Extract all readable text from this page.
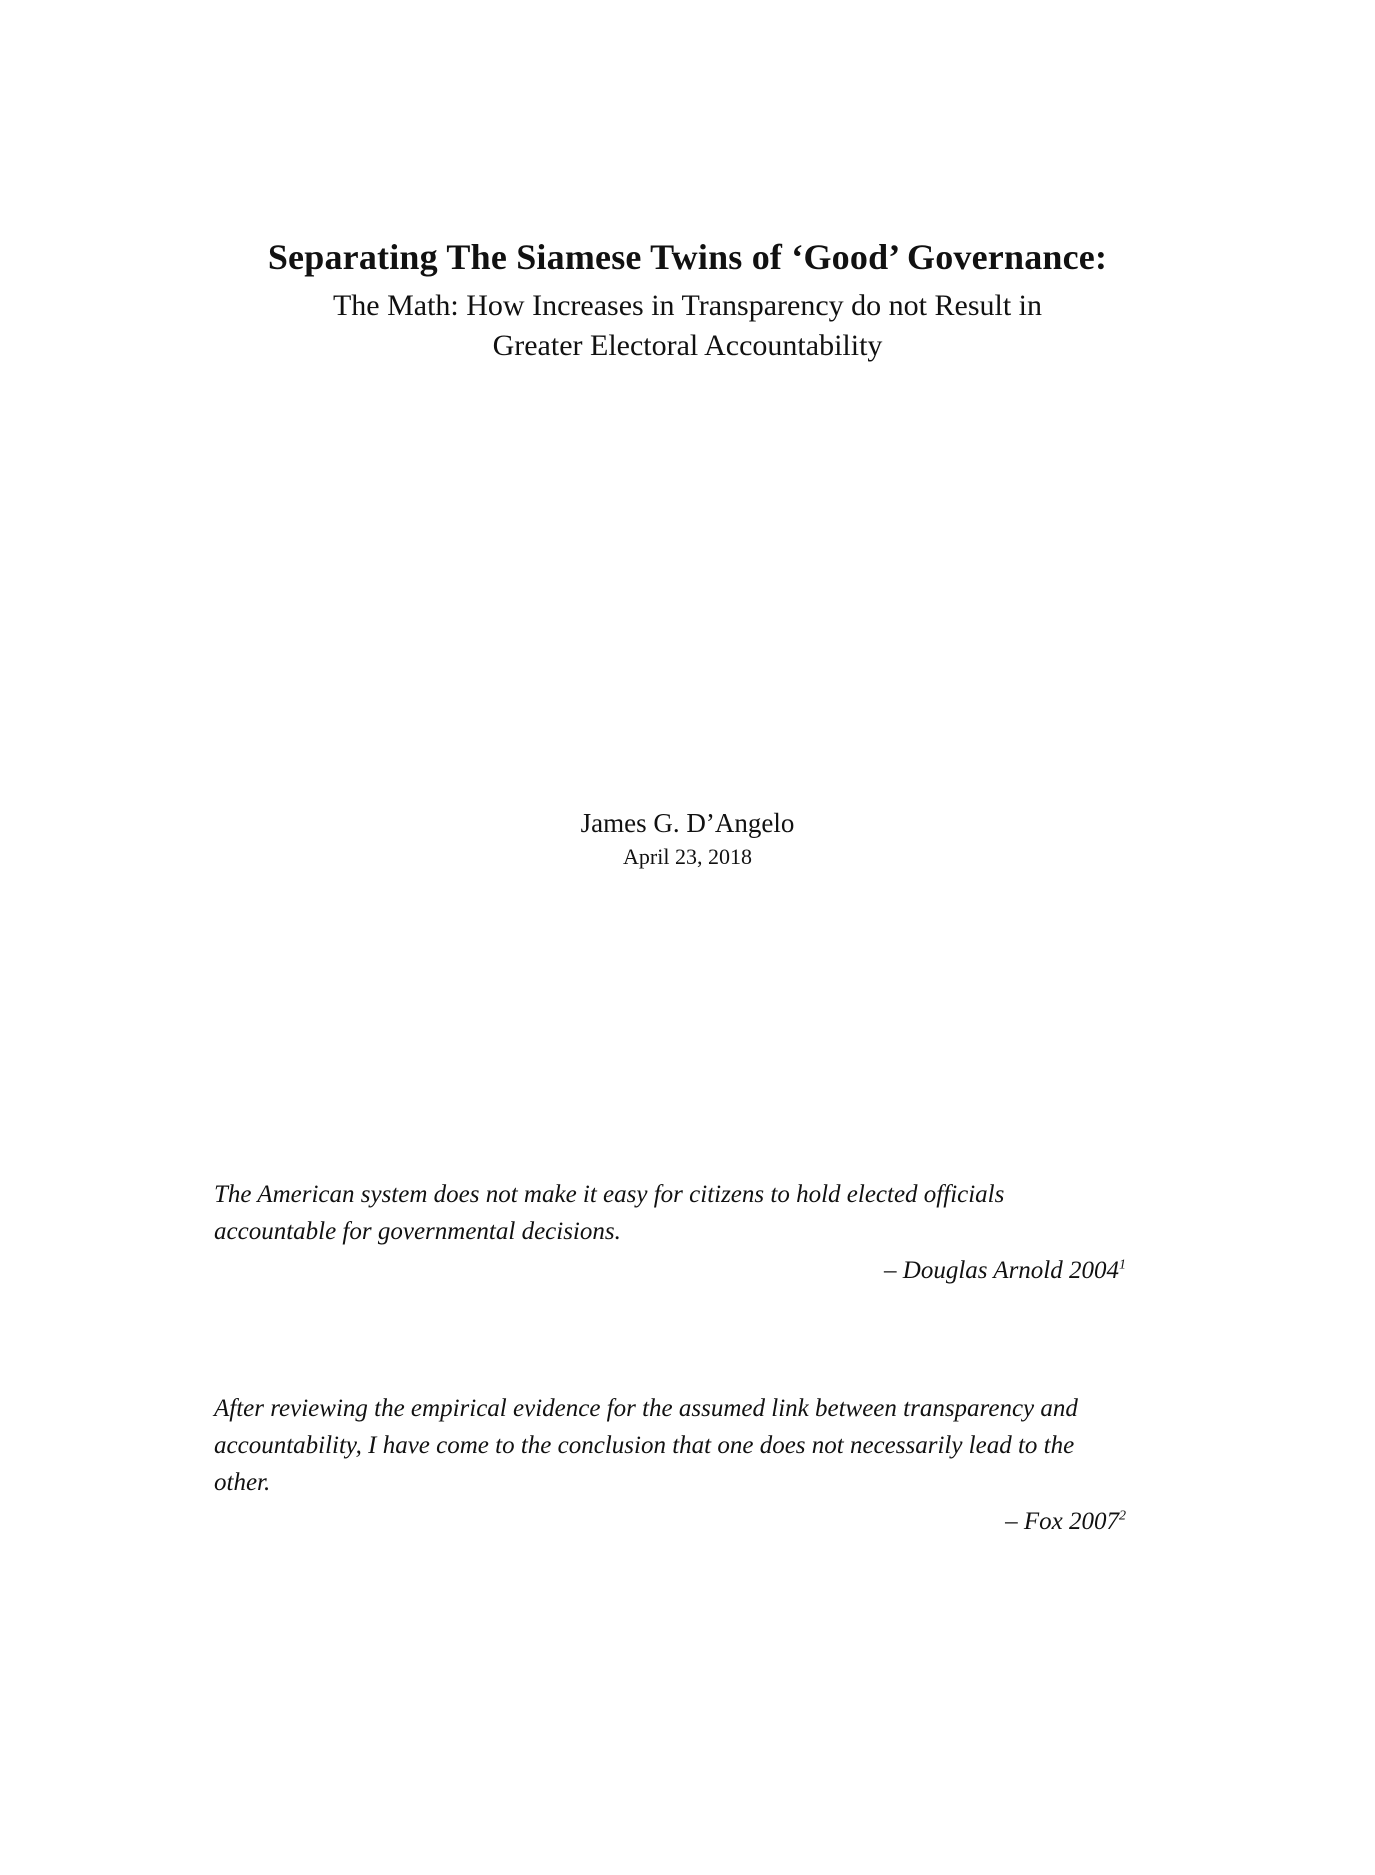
Separating The Siamese Twins of ‘Good’ Governance:
The Math: How Increases in Transparency do not Result in
Greater Electoral Accountability
James G. D’Angelo
April 23, 2018

The American system does not make it easy for citizens to hold elected officials accountable for governmental decisions.

– Douglas Arnold 2004$^1$

After reviewing the empirical evidence for the assumed link between transparency and accountability, I have come to the conclusion that one does not necessarily lead to the other.

– Fox 2007$^2$
